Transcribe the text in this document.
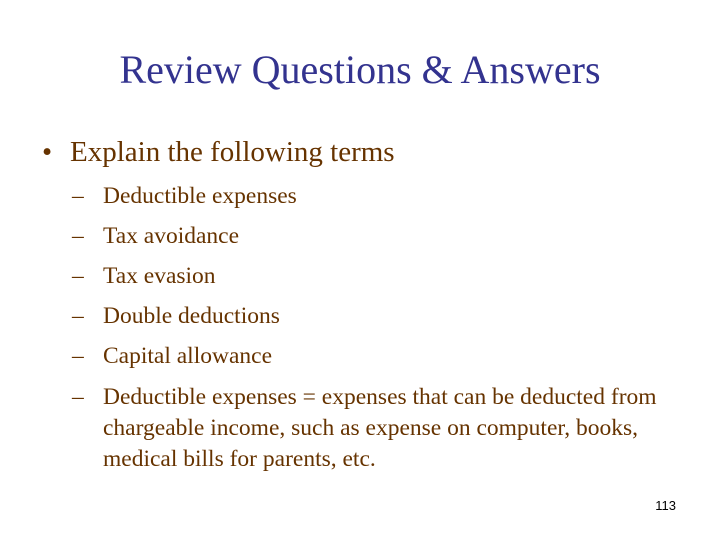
Review Questions & Answers
• Explain the following terms
– Deductible expenses
– Tax avoidance
– Tax evasion
– Double deductions
– Capital allowance
– Deductible expenses = expenses that can be deducted from chargeable income, such as expense on computer, books, medical bills for parents, etc.
113
